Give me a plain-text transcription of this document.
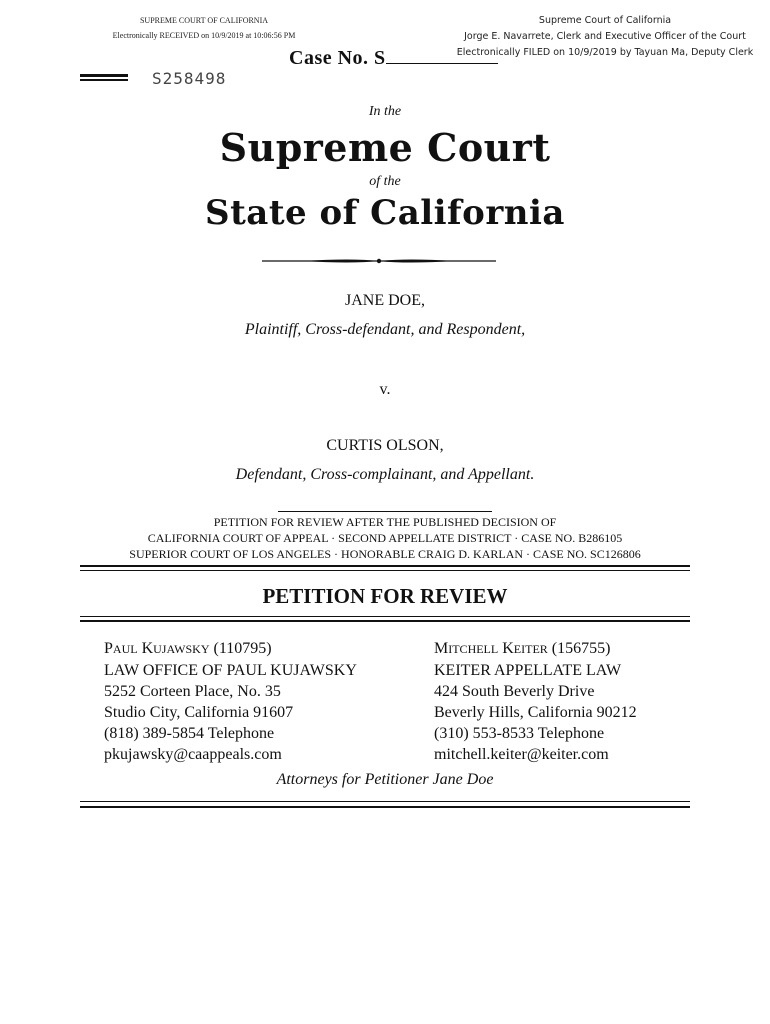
SUPREME COURT OF CALIFORNIA
Electronically RECEIVED on 10/9/2019 at 10:06:56 PM
Supreme Court of California
Jorge E. Navarrete, Clerk and Executive Officer of the Court
Electronically FILED on 10/9/2019 by Tayuan Ma, Deputy Clerk
Case No. S
S258498
In the
Supreme Court
of the
State of California
JANE DOE,
Plaintiff, Cross-defendant, and Respondent,
v.
CURTIS OLSON,
Defendant, Cross-complainant, and Appellant.
PETITION FOR REVIEW AFTER THE PUBLISHED DECISION OF
CALIFORNIA COURT OF APPEAL · SECOND APPELLATE DISTRICT · CASE NO. B286105
SUPERIOR COURT OF LOS ANGELES · HONORABLE CRAIG D. KARLAN · CASE NO. SC126806
PETITION FOR REVIEW
PAUL KUJAWSKY (110795)
LAW OFFICE OF PAUL KUJAWSKY
5252 Corteen Place, No. 35
Studio City, California 91607
(818) 389-5854 Telephone
pkujawsky@caappeals.com
MITCHELL KEITER (156755)
KEITER APPELLATE LAW
424 South Beverly Drive
Beverly Hills, California 90212
(310) 553-8533 Telephone
mitchell.keiter@keiter.com
Attorneys for Petitioner Jane Doe
